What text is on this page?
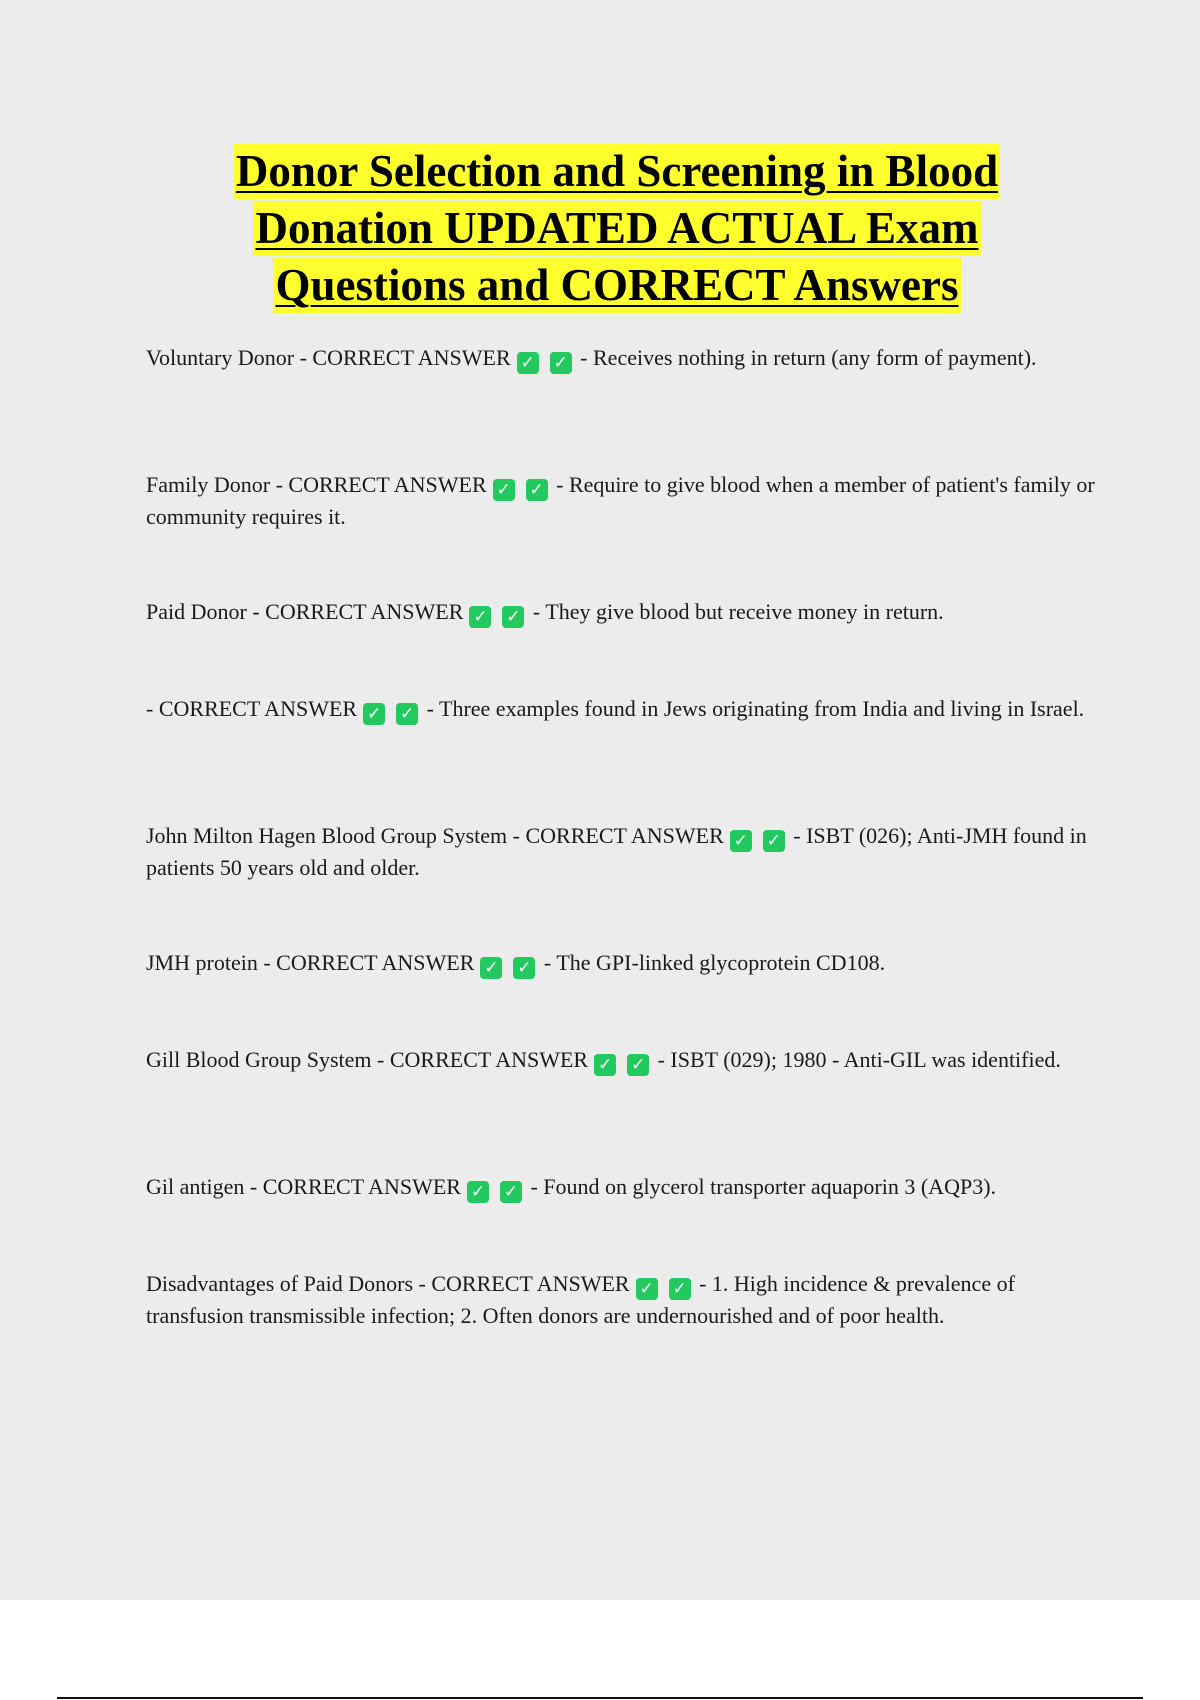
Donor Selection and Screening in Blood
Donation UPDATED ACTUAL Exam
Questions and CORRECT Answers
Voluntary Donor - CORRECT ANSWER ✓ ✓ - Receives nothing in return (any form of payment).
Family Donor - CORRECT ANSWER ✓ ✓ - Require to give blood when a member of patient's family or community requires it.
Paid Donor - CORRECT ANSWER ✓ ✓ - They give blood but receive money in return.
- CORRECT ANSWER ✓ ✓ - Three examples found in Jews originating from India and living in Israel.
John Milton Hagen Blood Group System - CORRECT ANSWER ✓ ✓ - ISBT (026); Anti-JMH found in patients 50 years old and older.
JMH protein - CORRECT ANSWER ✓ ✓ - The GPI-linked glycoprotein CD108.
Gill Blood Group System - CORRECT ANSWER ✓ ✓ - ISBT (029); 1980 - Anti-GIL was identified.
Gil antigen - CORRECT ANSWER ✓ ✓ - Found on glycerol transporter aquaporin 3 (AQP3).
Disadvantages of Paid Donors - CORRECT ANSWER ✓ ✓ - 1. High incidence & prevalence of transfusion transmissible infection; 2. Often donors are undernourished and of poor health.
